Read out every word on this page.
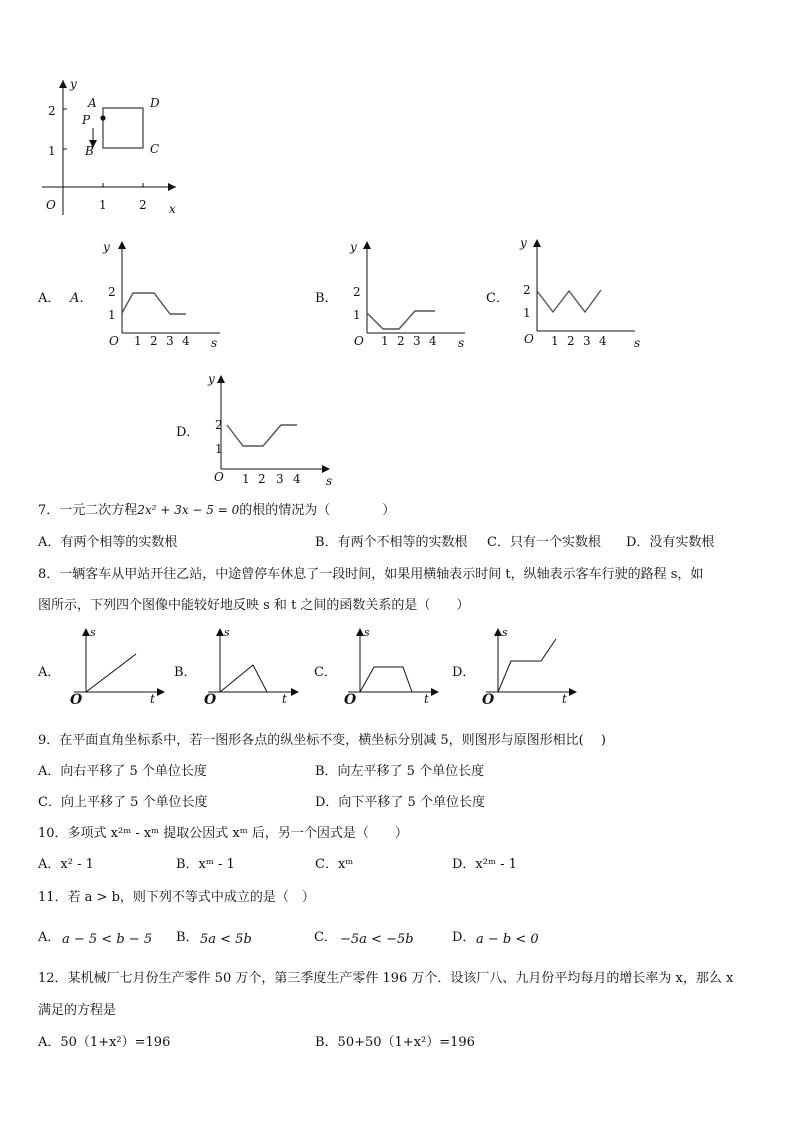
y
x
O	1	2
1
2
A	D
P
B	C
A． A．
y
s
O
2
1
1 2 3 4
B．
y
s
O
2
1
1 2 3 4
C．
y
s
O
2
1
1 2 3 4
D．
y
s
O
2
1
1 2 3 4
7．一元二次方程2x² + 3x − 5 = 0的根的情况为（　　　　）
A．有两个相等的实数根	B．有两个不相等的实数根 C．只有一个实数根 D．没有实数根
8．一辆客车从甲站开往乙站，中途曾停车休息了一段时间，如果用横轴表示时间 t，纵轴表示客车行驶的路程 s，如
图所示，下列四个图像中能较好地反映 s 和 t 之间的函数关系的是（　　）
A．
s
t
O
B．
s
t
O
C．
s
t
O
D．
s
t
O
9．在平面直角坐标系中，若一图形各点的纵坐标不变，横坐标分别减 5，则图形与原图形相比(　 )
A．向右平移了 5 个单位长度	B．向左平移了 5 个单位长度
C．向上平移了 5 个单位长度	D．向下平移了 5 个单位长度
10．多项式 x²ᵐ - xᵐ 提取公因式 xᵐ 后，另一个因式是（　　）
A．x² - 1	B．xᵐ - 1	C．xᵐ	D．x²ᵐ - 1
11．若 a > b，则下列不等式中成立的是（　）
A． a − 5 < b − 5 B． 5a < 5b	C． −5a < −5b	D． a − b < 0
12．某机械厂七月份生产零件 50 万个，第三季度生产零件 196 万个．设该厂八、九月份平均每月的增长率为 x，那么 x
满足的方程是
A．50（1+x²）=196	B．50+50（1+x²）=196
